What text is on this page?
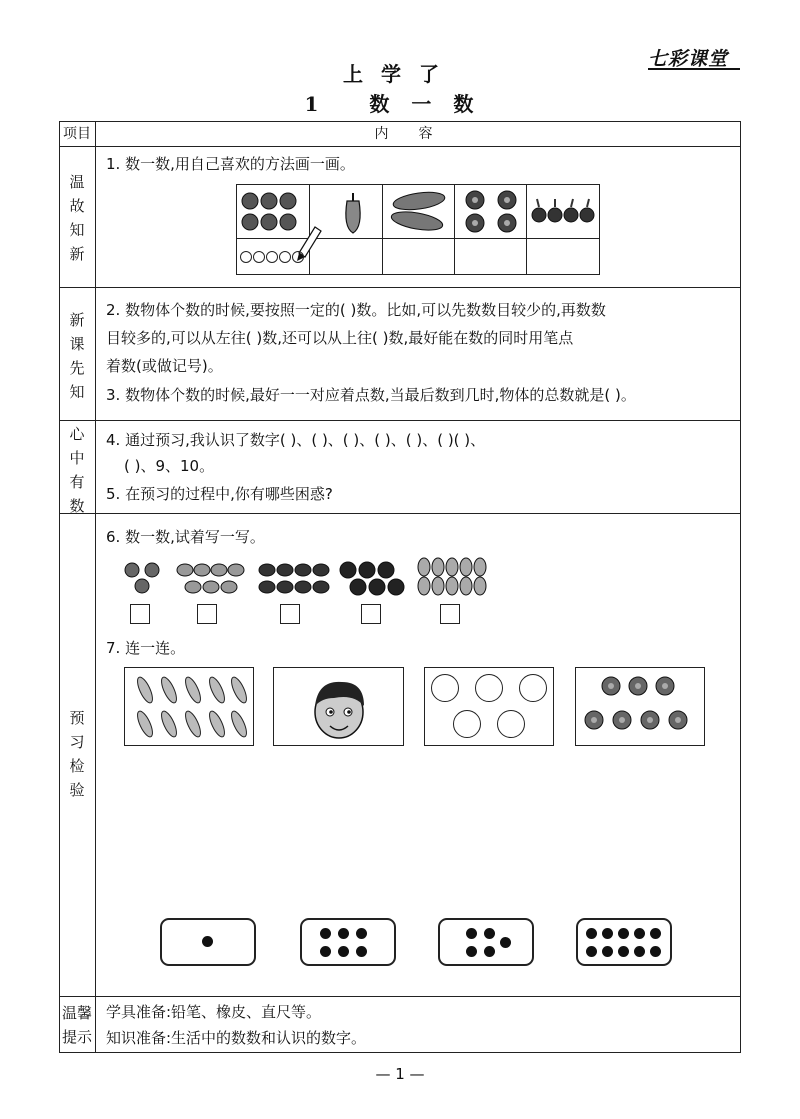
七彩课堂
上学了
1 数一数
项目	内容
温
故
知
新
新
课
先
知
心
中
有
数
预
习
检
验
温馨
提示
1. 数一数,用自己喜欢的方法画一画。
2. 数物体个数的时候,要按照一定的( )数。比如,可以先数数目较少的,再数数
目较多的,可以从左往( )数,还可以从上往( )数,最好能在数的同时用笔点
着数(或做记号)。
3. 数物体个数的时候,最好一一对应着点数,当最后数到几时,物体的总数就是( )。
4. 通过预习,我认识了数字( )、( )、( )、( )、( )、( )( )、
( )、9、10。
5. 在预习的过程中,你有哪些困惑?
6. 数一数,试着写一写。
7. 连一连。
学具准备:铅笔、橡皮、直尺等。
知识准备:生活中的数数和认识的数字。
— 1 —
